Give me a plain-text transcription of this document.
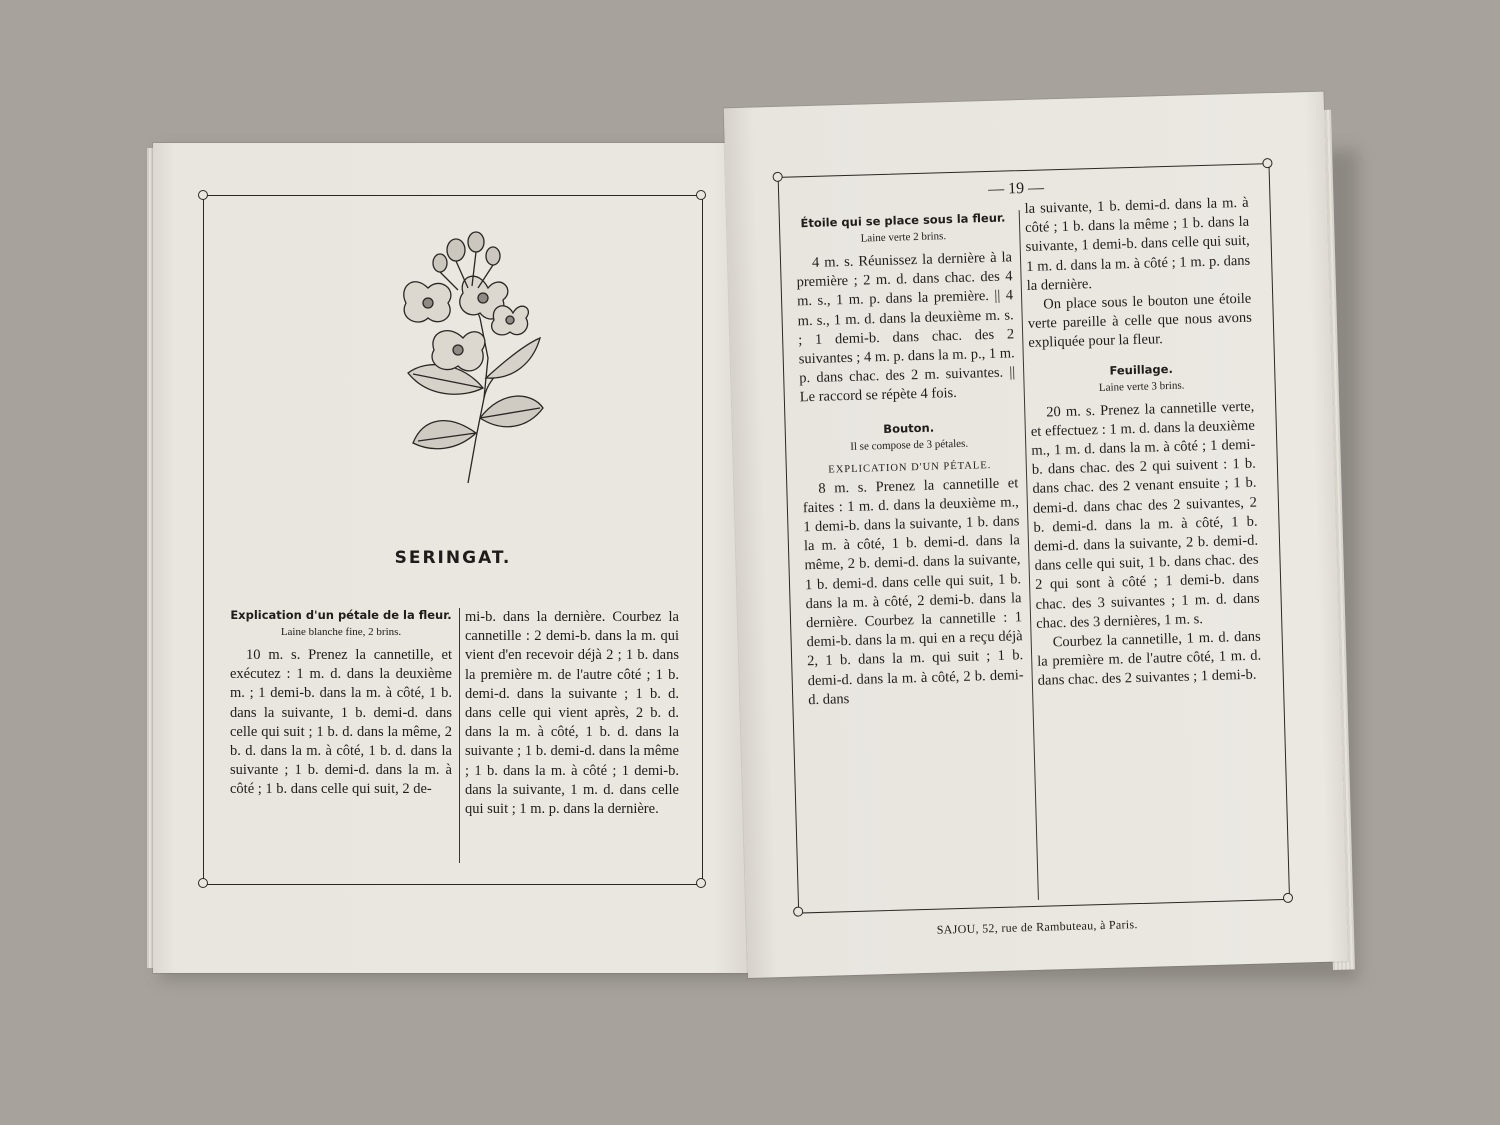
SERINGAT.
Explication d'un pétale de la fleur.
Laine blanche fine, 2 brins.

10 m. s. Prenez la cannetille, et exécutez : 1 m. d. dans la deuxième m. ; 1 demi-b. dans la m. à côté, 1 b. dans la suivante, 1 b. demi-d. dans celle qui suit ; 1 b. d. dans la même, 2 b. d. dans la m. à côté, 1 b. d. dans la suivante ; 1 b. demi-d. dans la m. à côté ; 1 b. dans celle qui suit, 2 de-

mi-b. dans la dernière. Courbez la cannetille : 2 demi-b. dans la m. qui vient d'en recevoir déjà 2 ; 1 b. dans la première m. de l'autre côté ; 1 b. demi-d. dans la suivante ; 1 b. d. dans celle qui vient après, 2 b. d. dans la m. à côté, 1 b. d. dans la suivante ; 1 b. demi-d. dans la même ; 1 b. dans la m. à côté ; 1 demi-b. dans la suivante, 1 m. d. dans celle qui suit ; 1 m. p. dans la dernière.

— 19 —
Étoile qui se place sous la fleur.
Laine verte 2 brins.

4 m. s. Réunissez la dernière à la première ; 2 m. d. dans chac. des 4 m. s., 1 m. p. dans la première. || 4 m. s., 1 m. d. dans la deuxième m. s. ; 1 demi-b. dans chac. des 2 suivantes ; 4 m. p. dans la m. p., 1 m. p. dans chac. des 2 m. suivantes. || Le raccord se répète 4 fois.

Bouton.
Il se compose de 3 pétales.
EXPLICATION D'UN PÉTALE.

8 m. s. Prenez la cannetille et faites : 1 m. d. dans la deuxième m., 1 demi-b. dans la suivante, 1 b. dans la m. à côté, 1 b. demi-d. dans la même, 2 b. demi-d. dans la suivante, 1 b. demi-d. dans celle qui suit, 1 b. dans la m. à côté, 2 demi-b. dans la dernière. Courbez la cannetille : 1 demi-b. dans la m. qui en a reçu déjà 2, 1 b. dans la m. qui suit ; 1 b. demi-d. dans la m. à côté, 2 b. demi-d. dans

la suivante, 1 b. demi-d. dans la m. à côté ; 1 b. dans la même ; 1 b. dans la suivante, 1 demi-b. dans celle qui suit, 1 m. d. dans la m. à côté ; 1 m. p. dans la dernière.

On place sous le bouton une étoile verte pareille à celle que nous avons expliquée pour la fleur.

Feuillage.
Laine verte 3 brins.

20 m. s. Prenez la cannetille verte, et effectuez : 1 m. d. dans la deuxième m., 1 m. d. dans la m. à côté ; 1 demi-b. dans chac. des 2 qui suivent : 1 b. dans chac. des 2 venant ensuite ; 1 b. demi-d. dans chac des 2 suivantes, 2 b. demi-d. dans la m. à côté, 1 b. demi-d. dans la suivante, 2 b. demi-d. dans celle qui suit, 1 b. dans chac. des 2 qui sont à côté ; 1 demi-b. dans chac. des 3 suivantes ; 1 m. d. dans chac. des 3 dernières, 1 m. s.

Courbez la cannetille, 1 m. d. dans la première m. de l'autre côté, 1 m. d. dans chac. des 2 suivantes ; 1 demi-b.

SAJOU, 52, rue de Rambuteau, à Paris.
